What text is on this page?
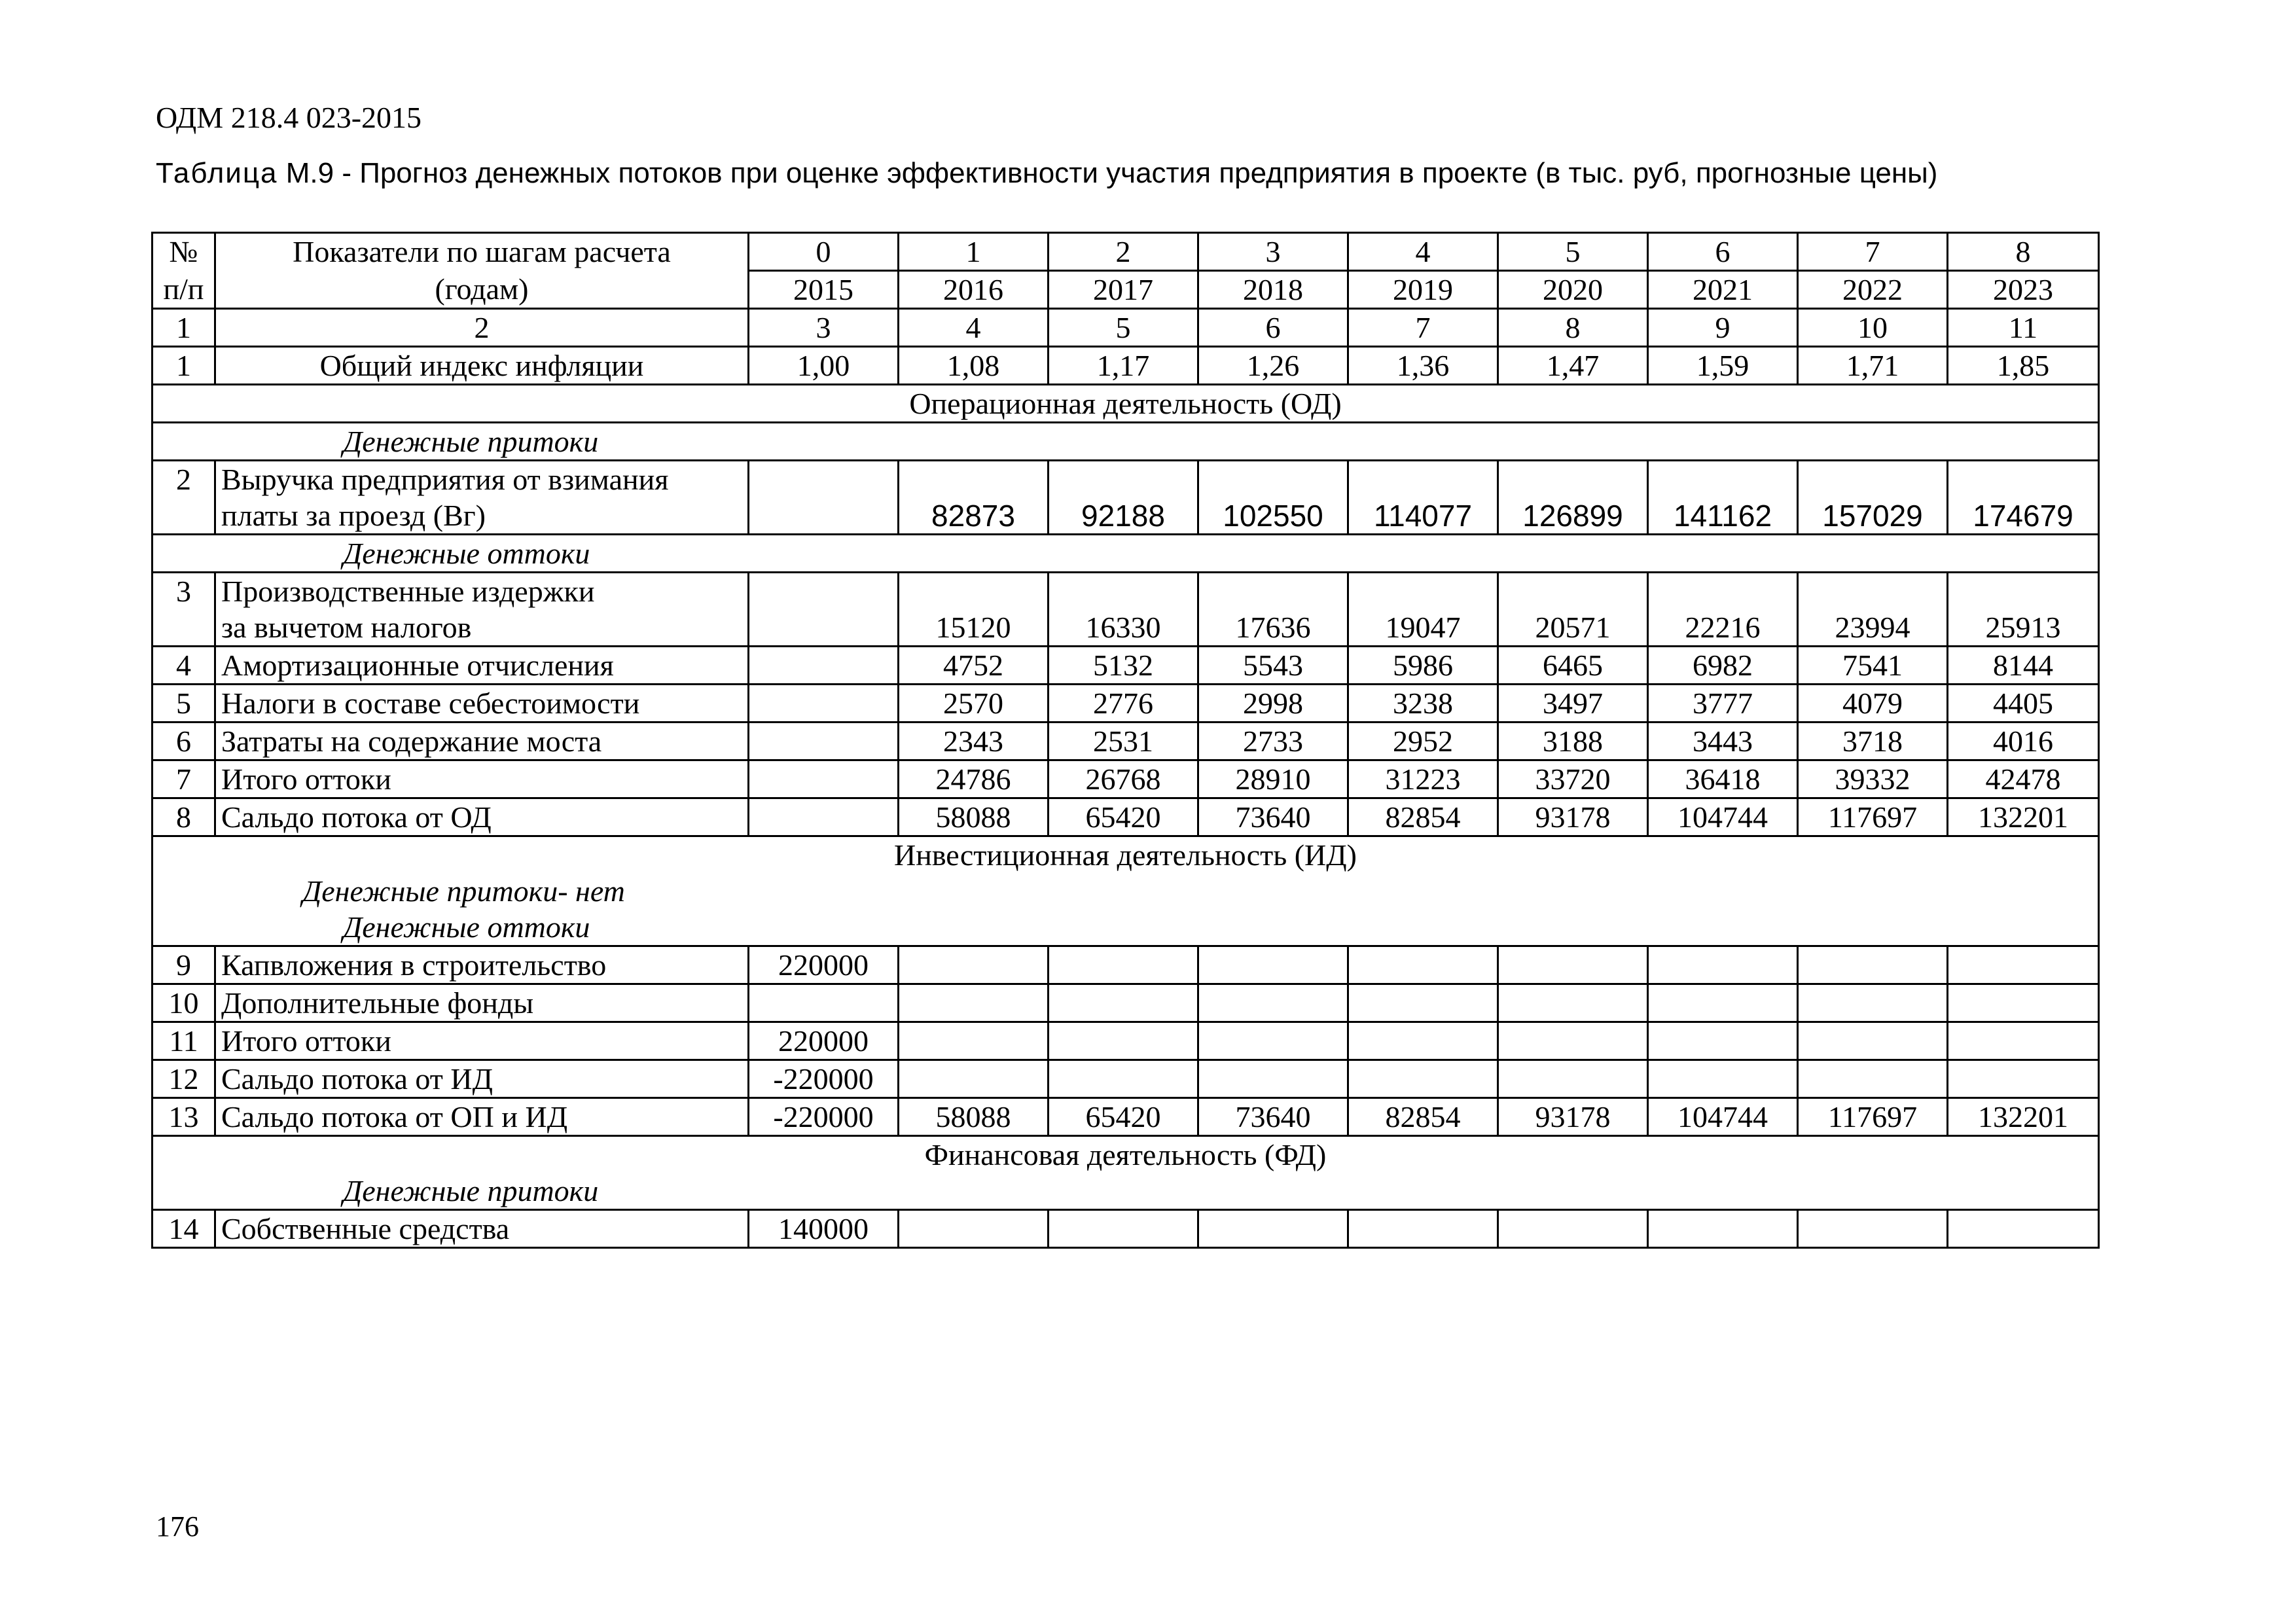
ОДМ 218.4 023-2015
Таблица М.9 - Прогноз денежных потоков при оценке эффективности участия предприятия в проекте (в тыс. руб, прогнозные цены)
№	Показатели по шагам расчета	0	1	2	3	4	5	6	7	8
п/п	(годам)	2015	2016	2017	2018	2019	2020	2021	2022	2023
1	2	3	4	5	6	7	8	9	10	11
1	Общий индекс инфляции	1,00	1,08	1,17	1,26	1,36	1,47	1,59	1,71	1,85
Операционная деятельность (ОД)										
Денежные притоки										
2	Выручка предприятия от взимания									
	платы за проезд (Вг)		82873	92188	102550	114077	126899	141162	157029	174679
Денежные оттоки										
3	Производственные издержки									
	за вычетом налогов		15120	16330	17636	19047	20571	22216	23994	25913
4	Амортизационные отчисления		4752	5132	5543	5986	6465	6982	7541	8144
5	Налоги в составе себестоимости		2570	2776	2998	3238	3497	3777	4079	4405
6	Затраты на содержание моста		2343	2531	2733	2952	3188	3443	3718	4016
7	Итого оттоки		24786	26768	28910	31223	33720	36418	39332	42478
8	Сальдо потока от ОД		58088	65420	73640	82854	93178	104744	117697	132201
Инвестиционная деятельность (ИД)										
Денежные притоки- нет										
Денежные оттоки										
9	Капвложения в строительство	220000								
10	Дополнительные фонды									
11	Итого оттоки	220000								
12	Сальдо потока от ИД	-220000								
13	Сальдо потока от ОП и ИД	-220000	58088	65420	73640	82854	93178	104744	117697	132201
Финансовая деятельность (ФД)										
Денежные притоки										
14	Собственные средства	140000								
176
